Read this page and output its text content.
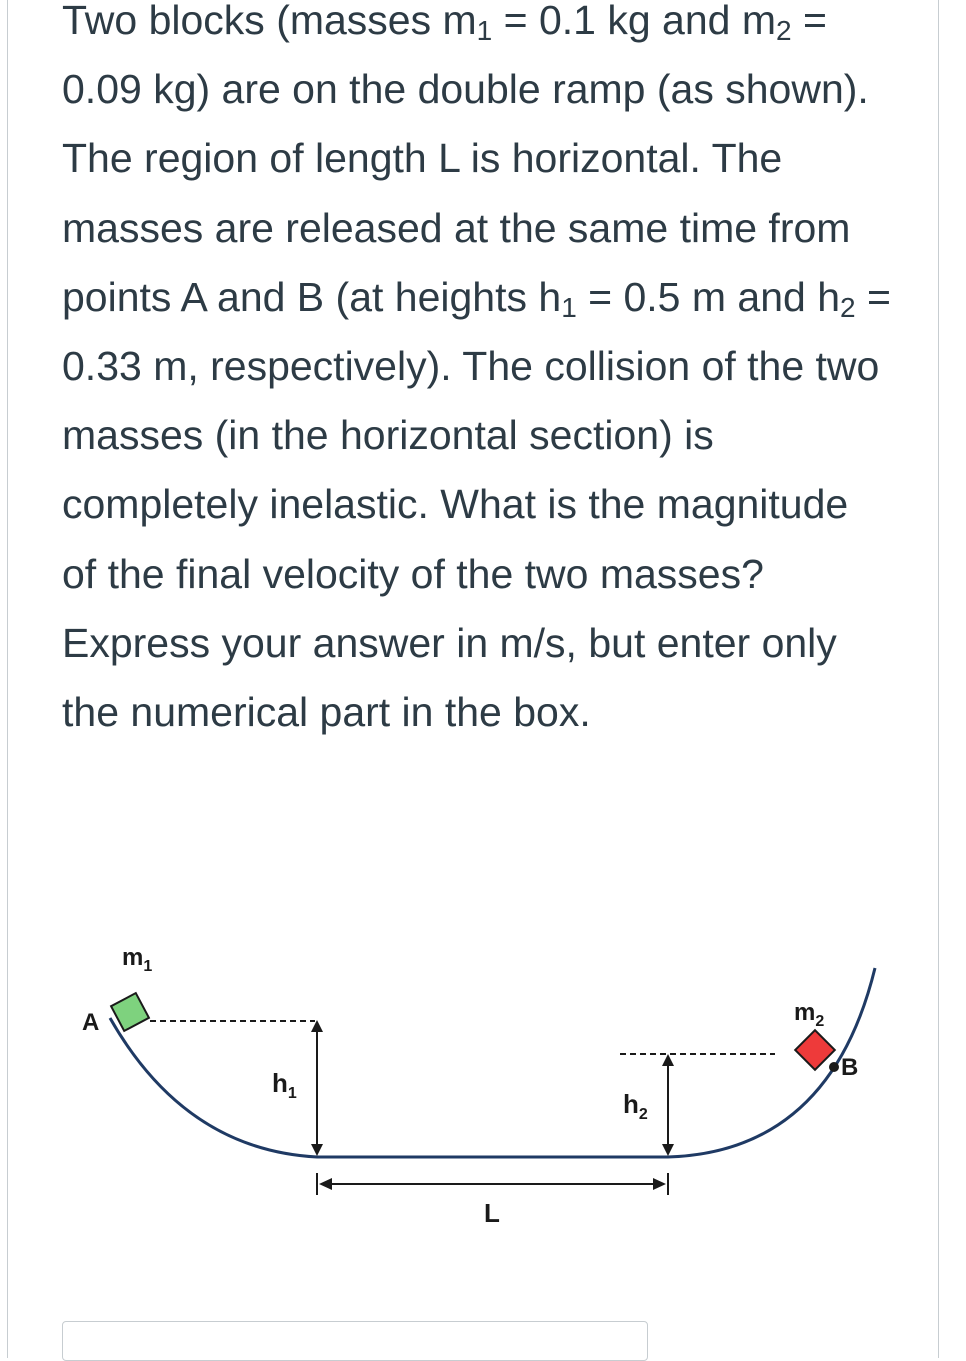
Two blocks (masses $m_1 = 0.1$ kg and $m_2 = 0.09$ kg) are on the double ramp (as shown). The region of length L is horizontal. The masses are released at the same time from points A and B (at heights $h_1 = 0.5$ m and $h_2 = 0.33$ m, respectively). The collision of the two masses (in the horizontal section) is completely inelastic. What is the magnitude of the final velocity of the two masses? Express your answer in m/s, but enter only the numerical part in the box.

A
B
$m_1$
$m_2$
$h_1$	$h_2$
L
